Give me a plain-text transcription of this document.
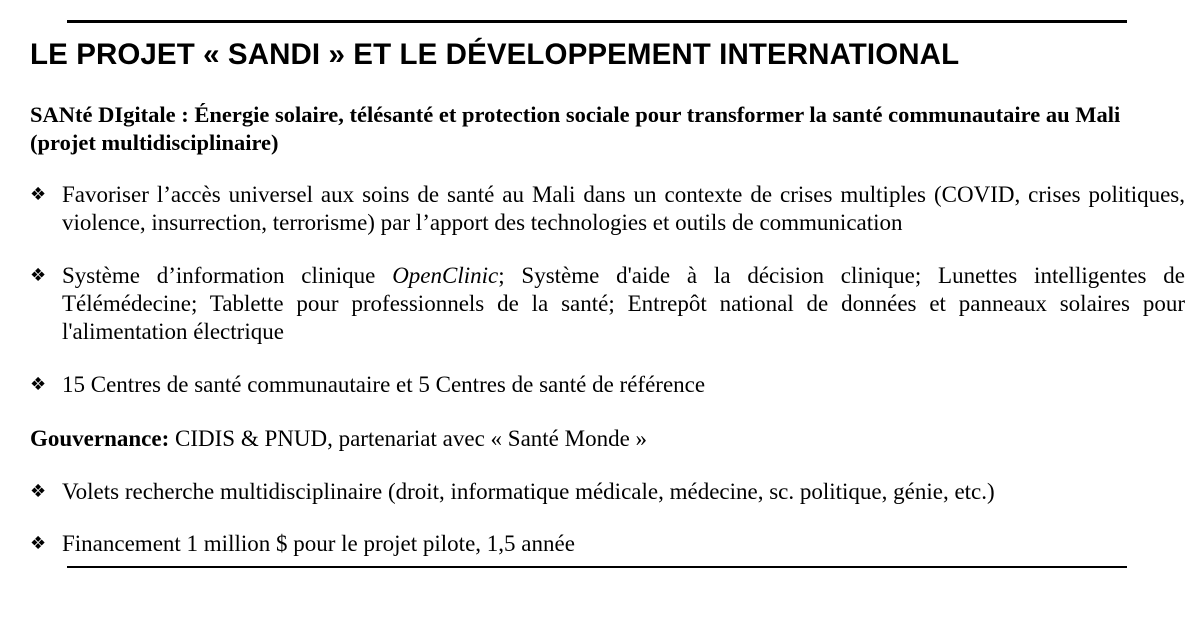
LE PROJET « SANDI » ET LE DÉVELOPPEMENT INTERNATIONAL
SANté DIgitale : Énergie solaire, télésanté et protection sociale pour transformer la santé communautaire au Mali (projet multidisciplinaire)
❖ Favoriser l’accès universel aux soins de santé au Mali dans un contexte de crises multiples (COVID, crises politiques, violence, insurrection, terrorisme) par l’apport des technologies et outils de communication
❖ Système d’information clinique OpenClinic; Système d'aide à la décision clinique; Lunettes intelligentes de Télémédecine; Tablette pour professionnels de la santé; Entrepôt national de données et panneaux solaires pour l'alimentation électrique
❖ 15 Centres de santé communautaire et 5 Centres de santé de référence
Gouvernance: CIDIS & PNUD, partenariat avec « Santé Monde »
❖ Volets recherche multidisciplinaire (droit, informatique médicale, médecine, sc. politique, génie, etc.)
❖ Financement 1 million $ pour le projet pilote, 1,5 année
